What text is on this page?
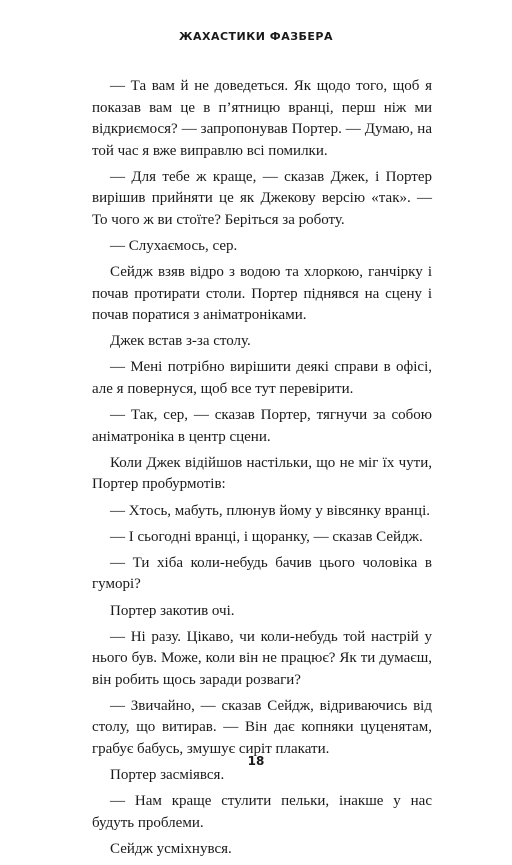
ЖАХАСТИКИ ФАЗБЕРА

— Та вам й не доведеться. Як щодо того, щоб я показав вам це в п’ятницю вранці, перш ніж ми відкриємося? — запропонував Портер. — Думаю, на той час я вже виправлю всі помилки.

— Для тебе ж краще, — сказав Джек, і Портер вирішив прийняти це як Джекову версію «так». — То чого ж ви стоїте? Беріться за роботу.

— Слухаємось, сер.

Сейдж взяв відро з водою та хлоркою, ганчірку і почав протирати столи. Портер піднявся на сцену і почав поратися з аніматроніками.

Джек встав з-за столу.

— Мені потрібно вирішити деякі справи в офісі, але я повернуся, щоб все тут перевірити.

— Так, сер, — сказав Портер, тягнучи за собою аніматроніка в центр сцени.

Коли Джек відійшов настільки, що не міг їх чути, Портер пробурмотів:

— Хтось, мабуть, плюнув йому у вівсянку вранці.

— І сьогодні вранці, і щоранку, — сказав Сейдж.

— Ти хіба коли-небудь бачив цього чоловіка в гуморі?

Портер закотив очі.

— Ні разу. Цікаво, чи коли-небудь той настрій у нього був. Може, коли він не працює? Як ти думаєш, він робить щось заради розваги?

— Звичайно, — сказав Сейдж, відриваючись від столу, що витирав. — Він дає копняки цуценятам, грабує бабусь, змушує сиріт плакати.

Портер засміявся.

— Нам краще стулити пельки, інакше у нас будуть проблеми.

Сейдж усміхнувся.

18
